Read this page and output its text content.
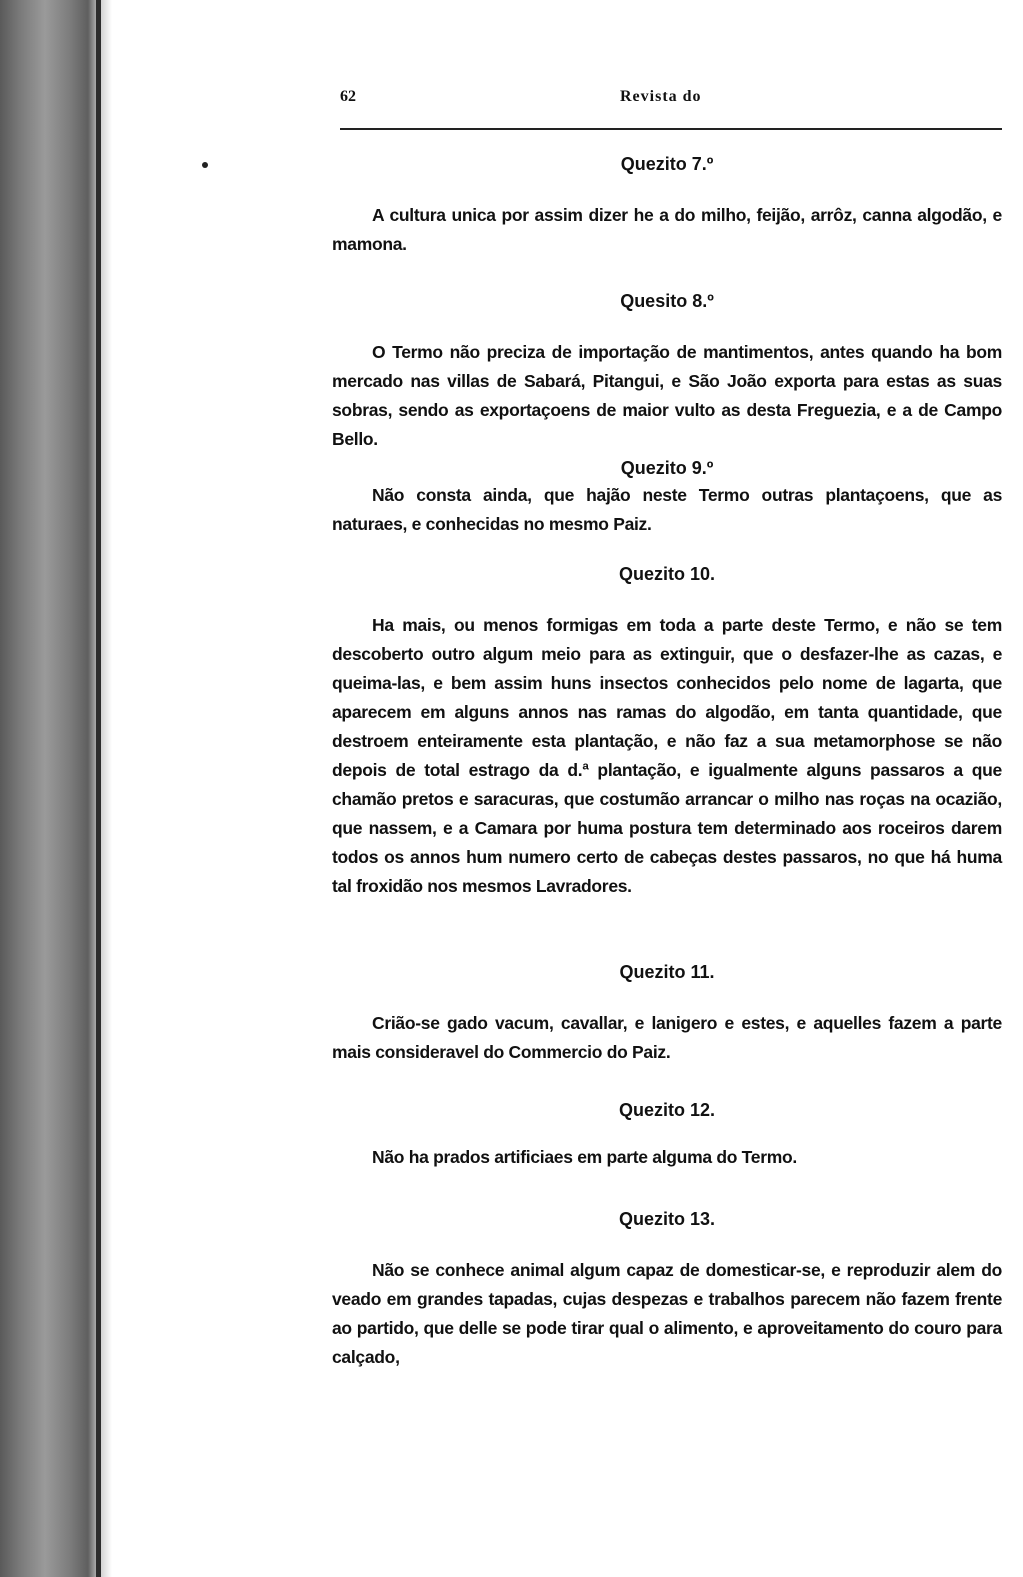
62	Revista do
Quezito 7.º

A cultura unica por assim dizer he a do milho, feijão, arrôz, canna algodão, e mamona.

Quesito 8.º

O Termo não preciza de importação de mantimentos, antes quando ha bom mercado nas villas de Sabará, Pitangui, e São João exporta para estas as suas sobras, sendo as exportaçoens de maior vulto as desta Freguezia, e a de Campo Bello.

Quezito 9.º

Não consta ainda, que hajão neste Termo outras plantaçoens, que as naturaes, e conhecidas no mesmo Paiz.

Quezito 10.

Ha mais, ou menos formigas em toda a parte deste Termo, e não se tem descoberto outro algum meio para as extinguir, que o desfazer-lhe as cazas, e queima-las, e bem assim huns insectos conhecidos pelo nome de lagarta, que aparecem em alguns annos nas ramas do algodão, em tanta quantidade, que destroem enteiramente esta plantação, e não faz a sua metamorphose se não depois de total estrago da d.ª plantação, e igualmente alguns passaros a que chamão pretos e saracuras, que costumão arrancar o milho nas roças na ocazião, que nassem, e a Camara por huma postura tem determinado aos roceiros darem todos os annos hum numero certo de cabeças destes passaros, no que há huma tal froxidão nos mesmos Lavradores.

Quezito 11.

Crião-se gado vacum, cavallar, e lanigero e estes, e aquelles fazem a parte mais consideravel do Commercio do Paiz.

Quezito 12.

Não ha prados artificiaes em parte alguma do Termo.

Quezito 13.

Não se conhece animal algum capaz de domesticar-se, e reproduzir alem do veado em grandes tapadas, cujas despezas e trabalhos parecem não fazem frente ao partido, que delle se pode tirar qual o alimento, e aproveitamento do couro para calçado,
